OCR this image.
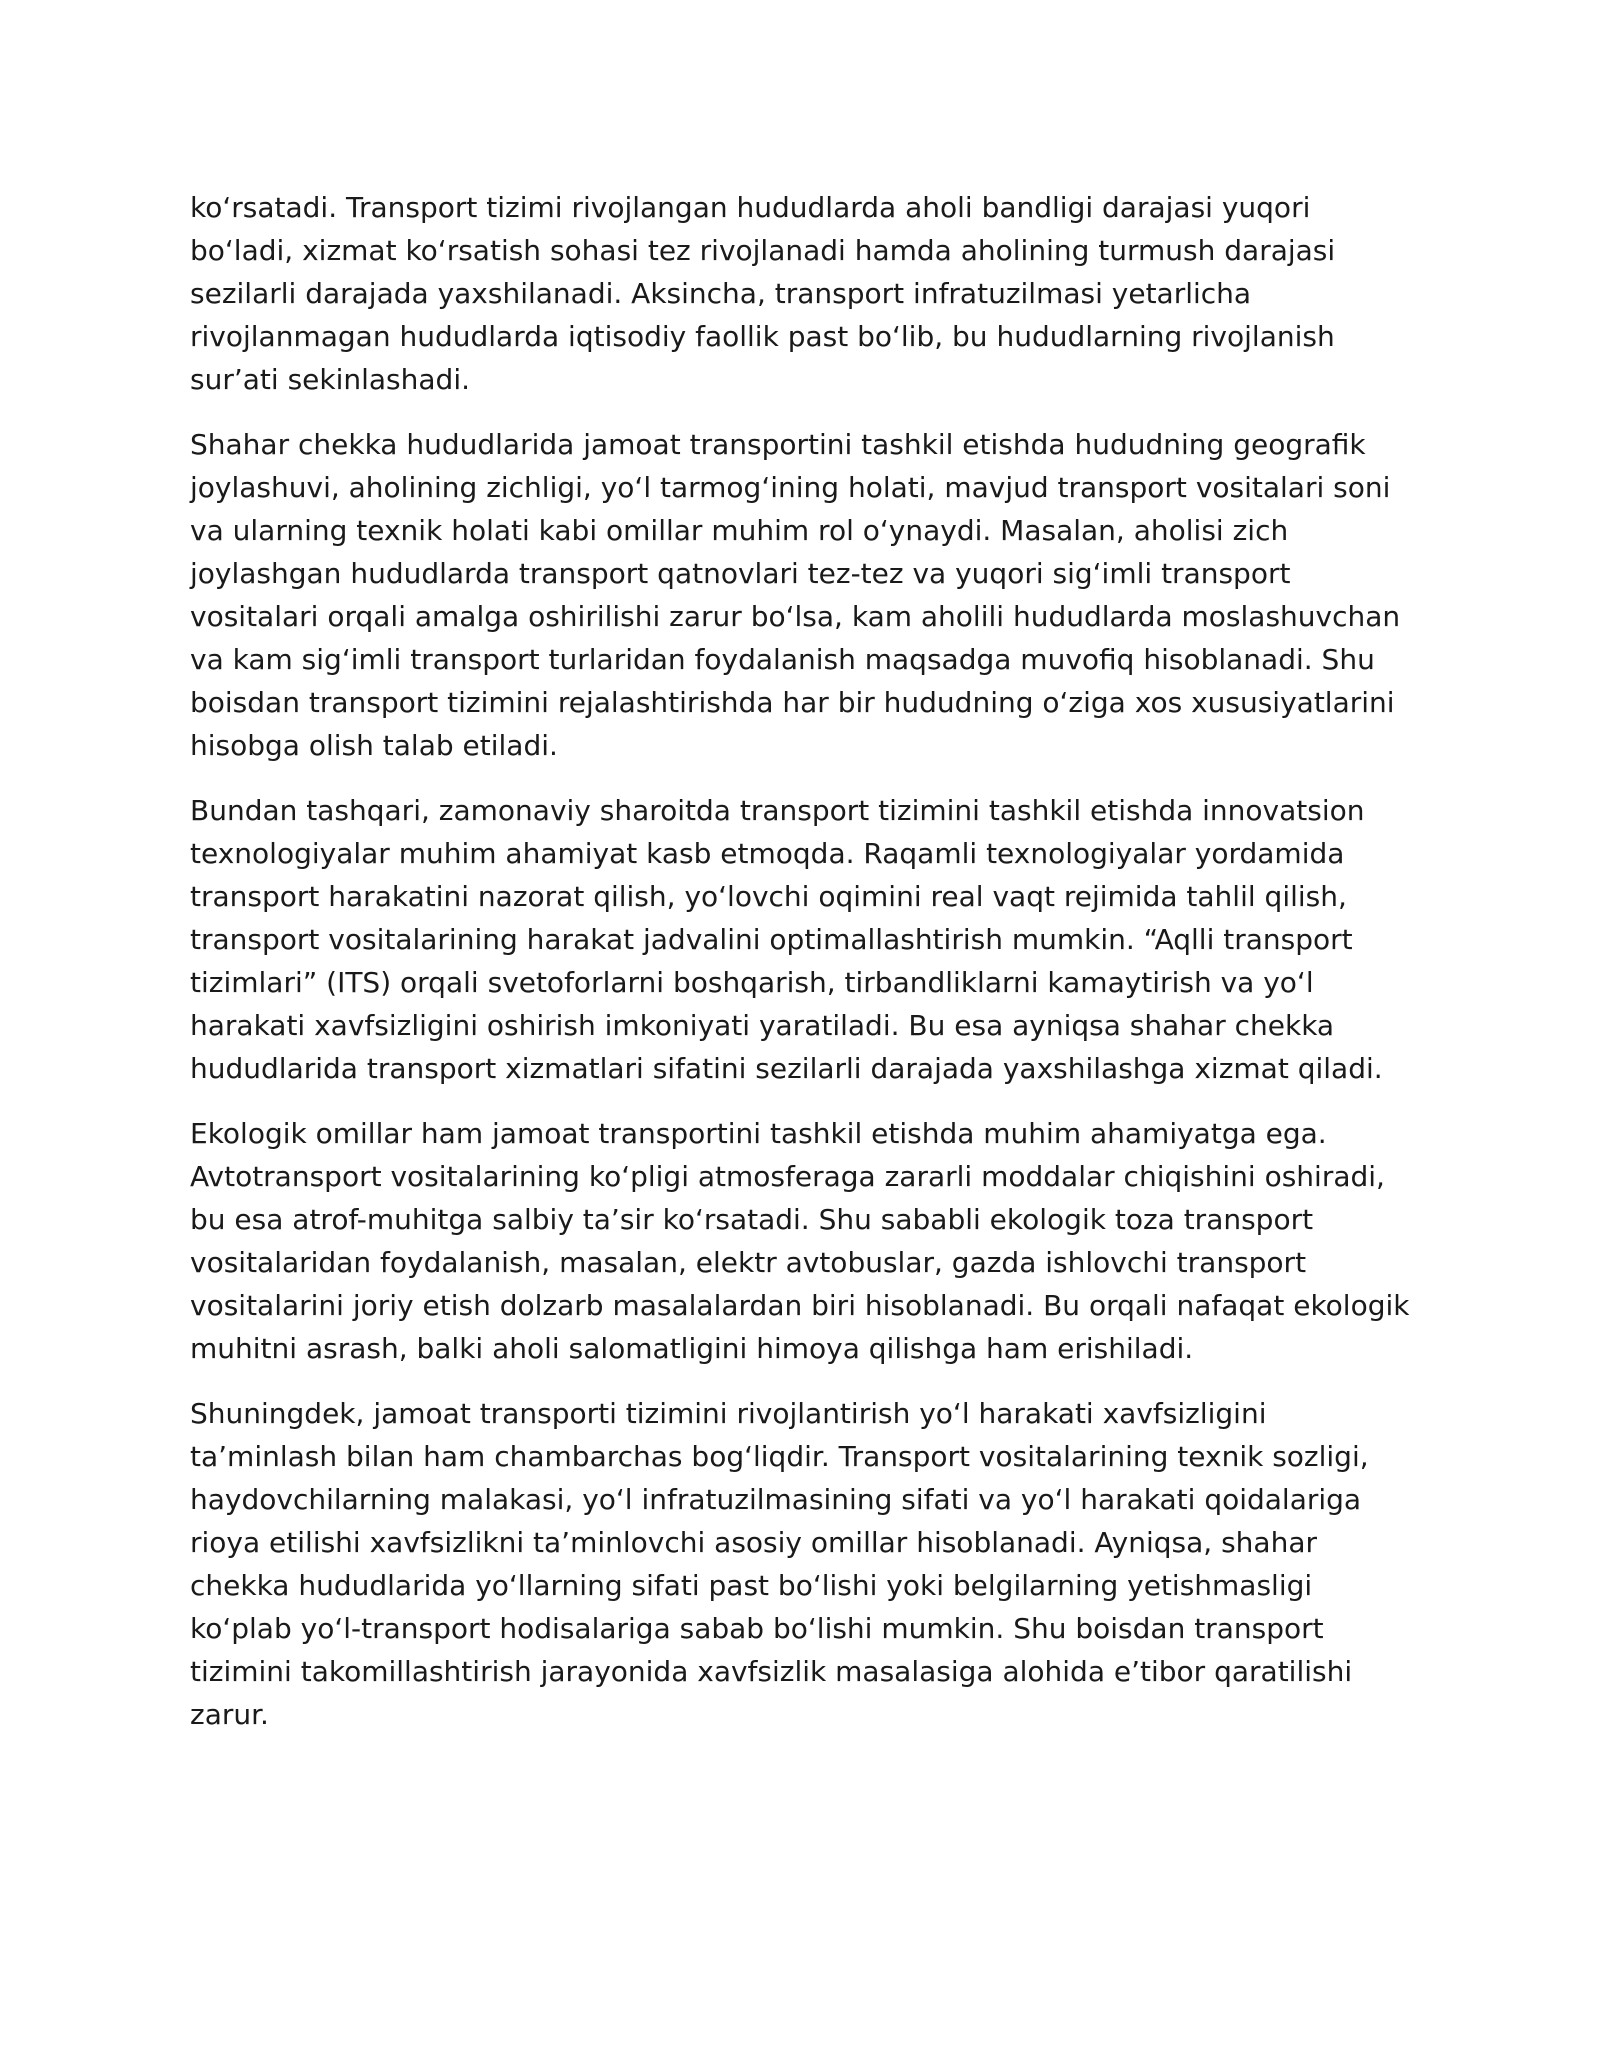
ko‘rsatadi. Transport tizimi rivojlangan hududlarda aholi bandligi darajasi yuqori bo‘ladi, xizmat ko‘rsatish sohasi tez rivojlanadi hamda aholining turmush darajasi sezilarli darajada yaxshilanadi. Aksincha, transport infratuzilmasi yetarlicha rivojlanmagan hududlarda iqtisodiy faollik past bo‘lib, bu hududlarning rivojlanish sur’ati sekinlashadi.

Shahar chekka hududlarida jamoat transportini tashkil etishda hududning geografik joylashuvi, aholining zichligi, yo‘l tarmog‘ining holati, mavjud transport vositalari soni va ularning texnik holati kabi omillar muhim rol o‘ynaydi. Masalan, aholisi zich joylashgan hududlarda transport qatnovlari tez-tez va yuqori sig‘imli transport vositalari orqali amalga oshirilishi zarur bo‘lsa, kam aholili hududlarda moslashuvchan va kam sig‘imli transport turlaridan foydalanish maqsadga muvofiq hisoblanadi. Shu boisdan transport tizimini rejalashtirishda har bir hududning o‘ziga xos xususiyatlarini hisobga olish talab etiladi.

Bundan tashqari, zamonaviy sharoitda transport tizimini tashkil etishda innovatsion texnologiyalar muhim ahamiyat kasb etmoqda. Raqamli texnologiyalar yordamida transport harakatini nazorat qilish, yo‘lovchi oqimini real vaqt rejimida tahlil qilish, transport vositalarining harakat jadvalini optimallashtirish mumkin. “Aqlli transport tizimlari” (ITS) orqali svetoforlarni boshqarish, tirbandliklarni kamaytirish va yo‘l harakati xavfsizligini oshirish imkoniyati yaratiladi. Bu esa ayniqsa shahar chekka hududlarida transport xizmatlari sifatini sezilarli darajada yaxshilashga xizmat qiladi.

Ekologik omillar ham jamoat transportini tashkil etishda muhim ahamiyatga ega. Avtotransport vositalarining ko‘pligi atmosferaga zararli moddalar chiqishini oshiradi, bu esa atrof-muhitga salbiy ta’sir ko‘rsatadi. Shu sababli ekologik toza transport vositalaridan foydalanish, masalan, elektr avtobuslar, gazda ishlovchi transport vositalarini joriy etish dolzarb masalalardan biri hisoblanadi. Bu orqali nafaqat ekologik muhitni asrash, balki aholi salomatligini himoya qilishga ham erishiladi.

Shuningdek, jamoat transporti tizimini rivojlantirish yo‘l harakati xavfsizligini ta’minlash bilan ham chambarchas bog‘liqdir. Transport vositalarining texnik sozligi, haydovchilarning malakasi, yo‘l infratuzilmasining sifati va yo‘l harakati qoidalariga rioya etilishi xavfsizlikni ta’minlovchi asosiy omillar hisoblanadi. Ayniqsa, shahar chekka hududlarida yo‘llarning sifati past bo‘lishi yoki belgilarning yetishmasligi ko‘plab yo‘l-transport hodisalariga sabab bo‘lishi mumkin. Shu boisdan transport tizimini takomillashtirish jarayonida xavfsizlik masalasiga alohida e’tibor qaratilishi zarur.
